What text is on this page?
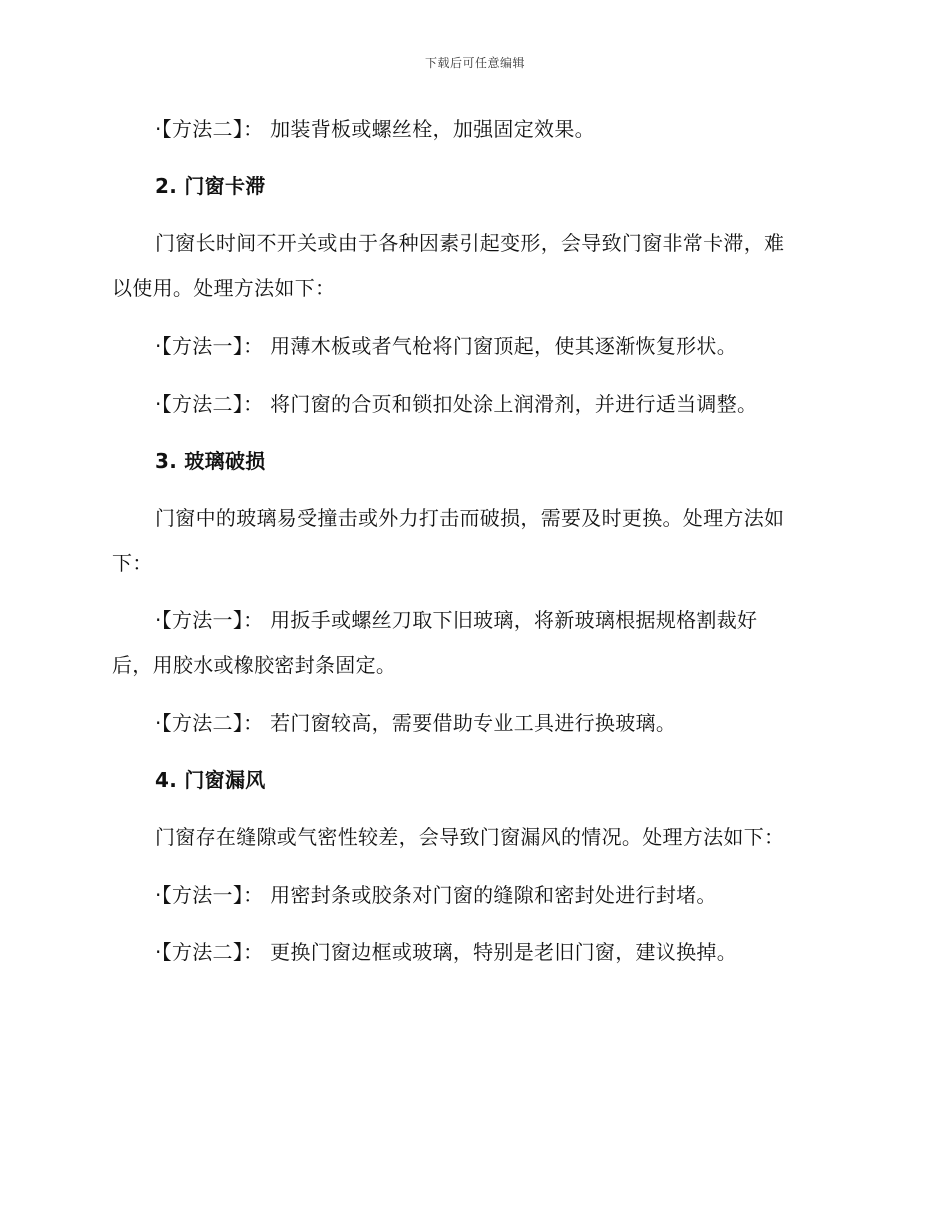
下载后可任意编辑
·【方法二】： 加装背板或螺丝栓，加强固定效果。
2. 门窗卡滞
门窗长时间不开关或由于各种因素引起变形，会导致门窗非常卡滞，难
以使用。处理方法如下：
·【方法一】： 用薄木板或者气枪将门窗顶起，使其逐渐恢复形状。
·【方法二】： 将门窗的合页和锁扣处涂上润滑剂，并进行适当调整。
3. 玻璃破损
门窗中的玻璃易受撞击或外力打击而破损，需要及时更换。处理方法如
下：
·【方法一】： 用扳手或螺丝刀取下旧玻璃，将新玻璃根据规格割裁好
后，用胶水或橡胶密封条固定。
·【方法二】： 若门窗较高，需要借助专业工具进行换玻璃。
4. 门窗漏风
门窗存在缝隙或气密性较差，会导致门窗漏风的情况。处理方法如下：
·【方法一】： 用密封条或胶条对门窗的缝隙和密封处进行封堵。
·【方法二】： 更换门窗边框或玻璃，特别是老旧门窗，建议换掉。
